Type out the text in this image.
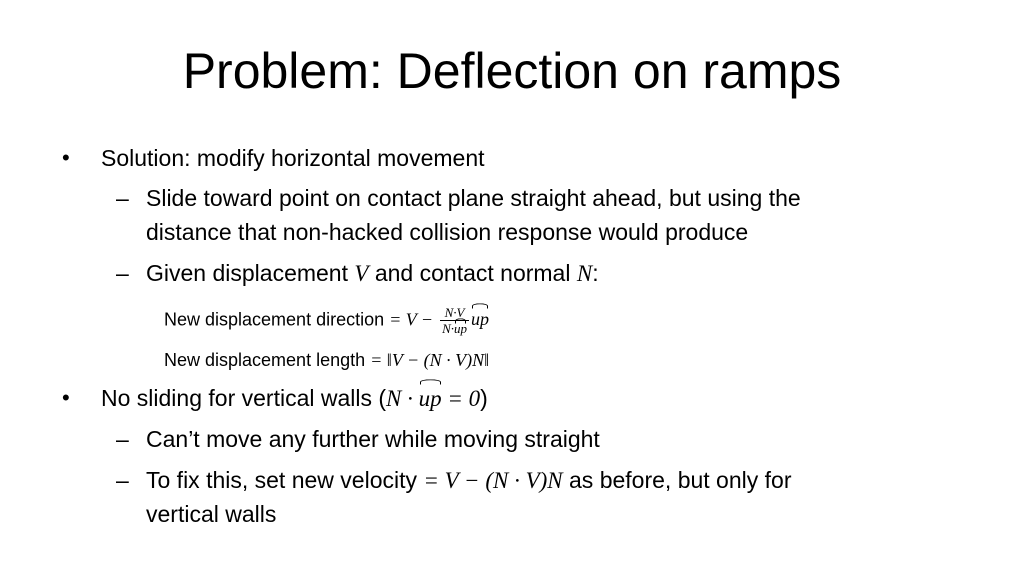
Problem: Deflection on ramps
• Solution: modify horizontal movement
– Slide toward point on contact plane straight ahead, but using the
distance that non-hacked collision response would produce
– Given displacement V and contact normal N:
New displacement direction = $V - \frac{N\cdot V}{N\cdot up}$ up
New displacement length = ‖V − (N ∙ V)N‖
• No sliding for vertical walls (N ∙ up = 0)
– Can’t move any further while moving straight
– To fix this, set new velocity = V − (N ∙ V)N as before, but only for
vertical walls
